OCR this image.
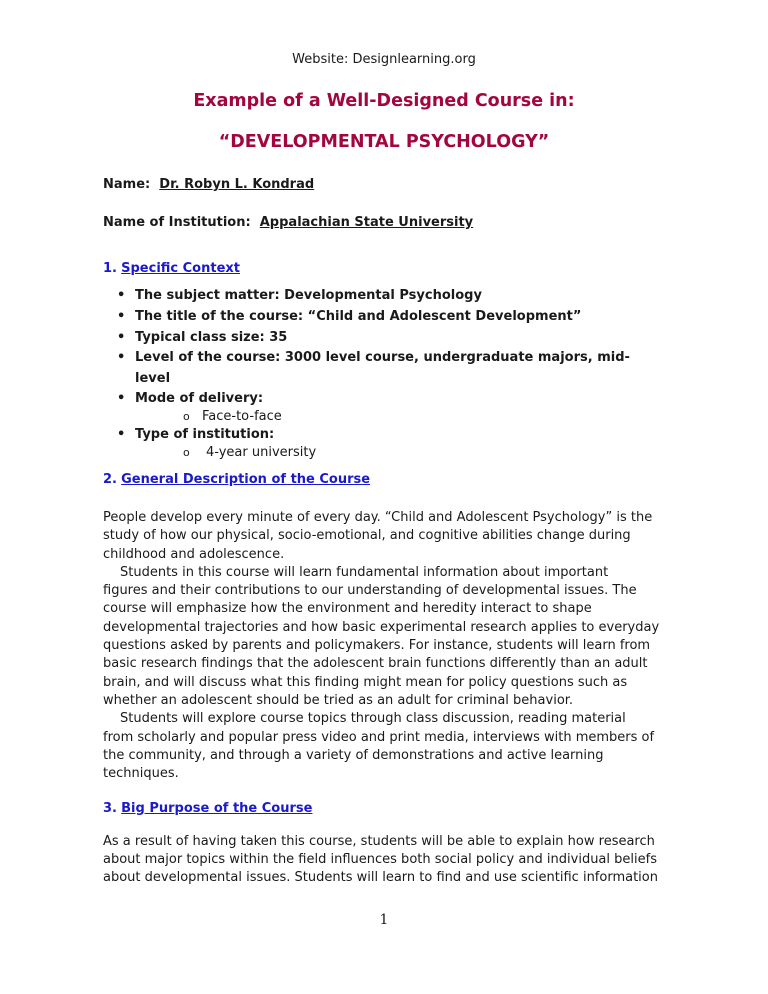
Website: Designlearning.org
Example of a Well-Designed Course in:
“DEVELOPMENTAL PSYCHOLOGY”
Name: Dr. Robyn L. Kondrad
Name of Institution: Appalachian State University
1. Specific Context
• The subject matter: Developmental Psychology
• The title of the course: “Child and Adolescent Development”
• Typical class size: 35
• Level of the course: 3000 level course, undergraduate majors, mid-
level
• Mode of delivery:
o Face-to-face
• Type of institution:
o 4-year university
2. General Description of the Course
People develop every minute of every day. “Child and Adolescent Psychology” is the
study of how our physical, socio-emotional, and cognitive abilities change during
childhood and adolescence.
Students in this course will learn fundamental information about important
figures and their contributions to our understanding of developmental issues. The
course will emphasize how the environment and heredity interact to shape
developmental trajectories and how basic experimental research applies to everyday
questions asked by parents and policymakers. For instance, students will learn from
basic research findings that the adolescent brain functions differently than an adult
brain, and will discuss what this finding might mean for policy questions such as
whether an adolescent should be tried as an adult for criminal behavior.
Students will explore course topics through class discussion, reading material
from scholarly and popular press video and print media, interviews with members of
the community, and through a variety of demonstrations and active learning
techniques.
3. Big Purpose of the Course
As a result of having taken this course, students will be able to explain how research
about major topics within the field influences both social policy and individual beliefs
about developmental issues. Students will learn to find and use scientific information
1
